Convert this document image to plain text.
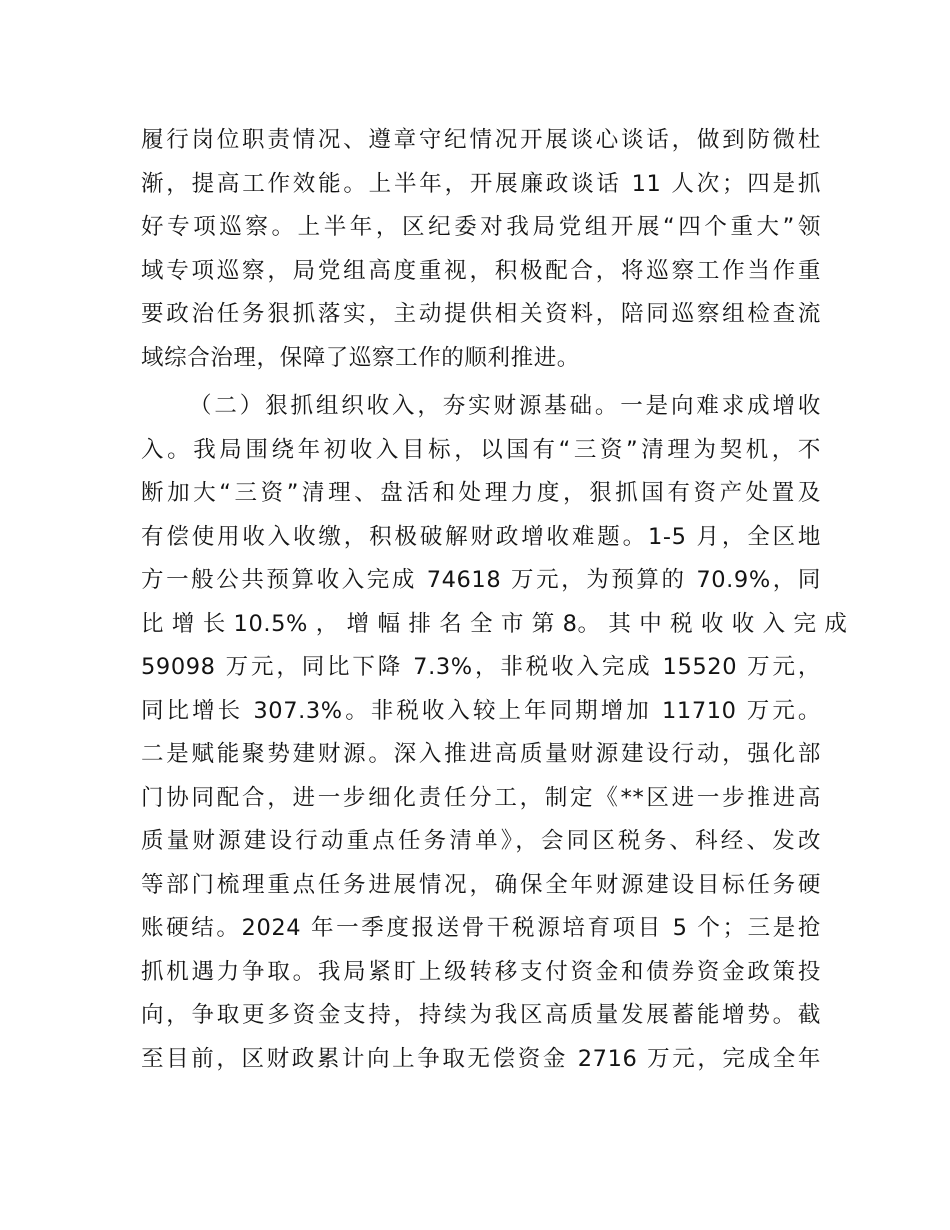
履行岗位职责情况、遵章守纪情况开展谈心谈话，做到防微杜
渐，提高工作效能。上半年，开展廉政谈话 11 人次；四是抓
好专项巡察。上半年，区纪委对我局党组开展“四个重大”领
域专项巡察，局党组高度重视，积极配合，将巡察工作当作重
要政治任务狠抓落实，主动提供相关资料，陪同巡察组检查流
域综合治理，保障了巡察工作的顺利推进。
（二）狠抓组织收入，夯实财源基础。一是向难求成增收
入。我局围绕年初收入目标，以国有“三资”清理为契机，不
断加大“三资”清理、盘活和处理力度，狠抓国有资产处置及
有偿使用收入收缴，积极破解财政增收难题。1-5 月，全区地
方一般公共预算收入完成 74618 万元，为预算的 70.9%，同
比 增 长 10.5% ， 增 幅 排 名 全 市 第 8。 其 中 税 收 收 入 完 成
59098 万元，同比下降 7.3%，非税收入完成 15520 万元，
同比增长 307.3%。非税收入较上年同期增加 11710 万元。
二是赋能聚势建财源。深入推进高质量财源建设行动，强化部
门协同配合，进一步细化责任分工，制定《**区进一步推进高
质量财源建设行动重点任务清单》，会同区税务、科经、发改
等部门梳理重点任务进展情况，确保全年财源建设目标任务硬
账硬结。2024 年一季度报送骨干税源培育项目 5 个；三是抢
抓机遇力争取。我局紧盯上级转移支付资金和债券资金政策投
向，争取更多资金支持，持续为我区高质量发展蓄能增势。截
至目前，区财政累计向上争取无偿资金 2716 万元，完成全年
